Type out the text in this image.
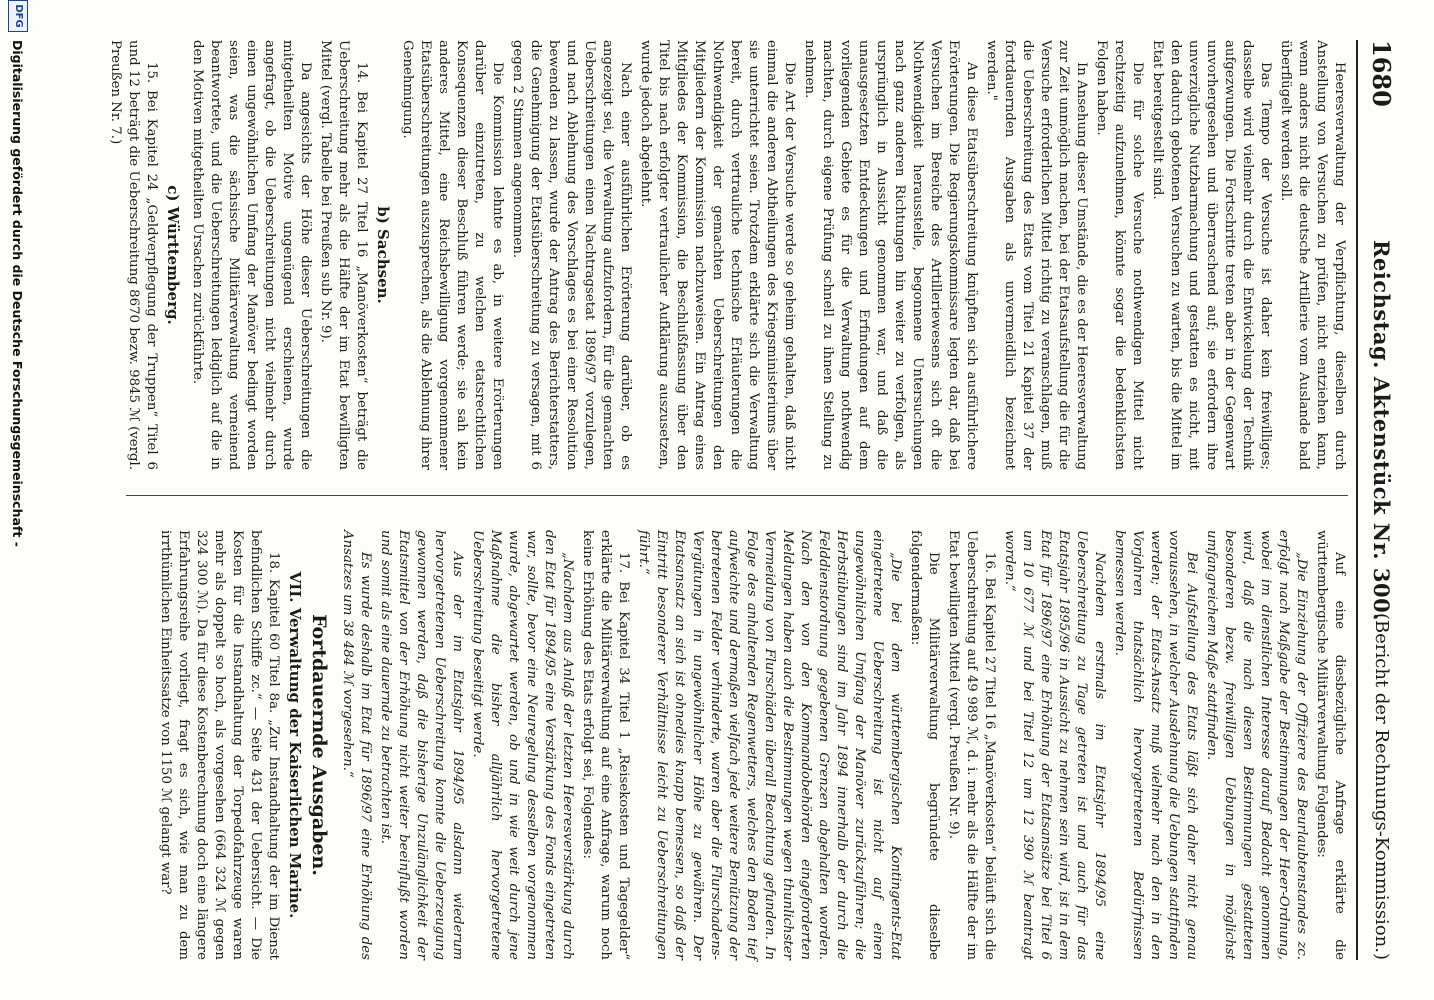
1680
Reichstag. Aktenstück Nr. 300.
(Bericht der Rechnungs-Kommission.)

Heeresverwaltung der Verpflichtung, dieselben durch Anstellung von Versuchen zu prüfen, nicht entziehen kann, wenn anders nicht die deutsche Artillerie vom Auslande bald überflügelt werden soll.

Das Tempo der Versuche ist daher kein freiwilliges; dasselbe wird vielmehr durch die Entwickelung der Technik aufgezwungen. Die Fortschritte treten aber in der Gegenwart unvorhergesehen und überraschend auf; sie erfordern ihre unverzügliche Nutzbarmachung und gestatten es nicht, mit den dadurch gebotenen Versuchen zu warten, bis die Mittel im Etat bereitgestellt sind.

Die für solche Versuche nothwendigen Mittel nicht rechtzeitig aufzunehmen, könnte sogar die bedenklichsten Folgen haben.

In Ansehung dieser Umstände, die es der Heeresverwaltung zur Zeit unmöglich machen, bei der Etatsaufstellung die für die Versuche erforderlichen Mittel richtig zu veranschlagen, muß die Ueberschreitung des Etats vom Titel 21 Kapitel 37 der fortdauernden Ausgaben als unvermeidlich bezeichnet werden."

An diese Etatsüberschreitung knüpften sich ausführlichere Erörterungen. Die Regierungskommissare legten dar, daß bei Versuchen im Bereiche des Artilleriewesens sich oft die Nothwendigkeit herausstelle, begonnene Untersuchungen nach ganz anderen Richtungen hin weiter zu verfolgen, als ursprünglich in Aussicht genommen war, und daß die unausgesetzten Entdeckungen und Erfindungen auf dem vorliegenden Gebiete es für die Verwaltung nothwendig machten, durch eigene Prüfung schnell zu ihnen Stellung zu nehmen.

Die Art der Versuche werde so geheim gehalten, daß nicht einmal die anderen Abtheilungen des Kriegsministeriums über sie unterrichtet seien. Trotzdem erklärte sich die Verwaltung bereit, durch vertrauliche technische Erläuterungen die Nothwendigkeit der gemachten Ueberschreitungen den Mitgliedern der Kommission nachzuweisen. Ein Antrag eines Mitgliedes der Kommission, die Beschlußfassung über den Titel bis nach erfolgter vertraulicher Aufklärung auszusetzen, wurde jedoch abgelehnt.

Nach einer ausführlichen Erörterung darüber, ob es angezeigt sei, die Verwaltung aufzufordern, für die gemachten Ueberschreitungen einen Nachtragsetat 1896/97 vorzulegen, und nach Ablehnung des Vorschlages es bei einer Resolution bewenden zu lassen, wurde der Antrag des Berichterstatters, die Genehmigung der Etatsüberschreitung zu versagen, mit 6 gegen 2 Stimmen angenommen.

Die Kommission lehnte es ab, in weitere Erörterungen darüber einzutreten, zu welchen etatsrechtlichen Konsequenzen dieser Beschluß führen werde; sie sah kein anderes Mittel, eine Reichsbewilligung vorgenommener Etatsüberschreitungen auszusprechen, als die Ablehnung ihrer Genehmigung.

b) Sachsen.

14. Bei Kapitel 27 Titel 16 „Manöverkosten“ beträgt die Ueberschreitung mehr als die Hälfte der im Etat bewilligten Mittel (vergl. Tabelle bei Preußen sub Nr. 9).

Da angesichts der Höhe dieser Ueberschreitungen die mitgetheilten Motive ungenügend erschienen, wurde angefragt, ob die Ueberschreitungen nicht vielmehr durch einen ungewöhnlichen Umfang der Manöver bedingt worden seien, was die sächsische Militärverwaltung verneinend beantwortete, und die Ueberschreitungen lediglich auf die in den Motiven mitgetheilten Ursachen zurückführte.

c) Württemberg.

15. Bei Kapitel 24 „Geldverpflegung der Truppen“ Titel 6 und 12 beträgt die Ueberschreitung 8670 bezw. 9845 ℳ (vergl. Preußen Nr. 7.)

Auf eine diesbezügliche Anfrage erklärte die württembergische Militärverwaltung Folgendes:

„Die Einziehung der Offiziere des Beurlaubtenstandes zc. erfolgt nach Maßgabe der Bestimmungen der Heer-Ordnung, wobei im dienstlichen Interesse darauf Bedacht genommen wird, daß die nach diesen Bestimmungen gestatteten besonderen bezw. freiwilligen Uebungen in möglichst umfangreichem Maße stattfinden.

Bei Aufstellung des Etats läßt sich daher nicht genau voraussehen, in welcher Ausdehnung die Uebungen stattfinden werden; der Etats-Ansatz muß vielmehr nach den in den Vorjahren thatsächlich hervorgetretenen Bedürfnissen bemessen werden.

Nachdem erstmals im Etatsjahr 1894/95 eine Ueberschreitung zu Tage getreten ist und auch für das Etatsjahr 1895/96 in Aussicht zu nehmen sein wird, ist in dem Etat für 1896/97 eine Erhöhung der Etatsansätze bei Titel 6 um 10 677 ℳ und bei Titel 12 um 12 390 ℳ beantragt worden.“

16. Bei Kapitel 27 Titel 16 „Manöverkosten“ beläuft sich die Ueberschreitung auf 49 989 ℳ, d. i. mehr als die Hälfte der im Etat bewilligten Mittel (vergl. Preußen Nr. 9).

Die Militärverwaltung begründete dieselbe folgendermaßen:

„Die bei dem württembergischen Kontingents-Etat eingetretene Ueberschreitung ist nicht auf einen ungewöhnlichen Umfang der Manöver zurückzuführen; die Herbstübungen sind im Jahr 1894 innerhalb der durch die Felddienstordnung gegebenen Grenzen abgehalten worden. Nach den von den Kommandobehörden eingeforderten Meldungen haben auch die Bestimmungen wegen thunlichster Vermeidung von Flurschäden überall Beachtung gefunden. In Folge des anhaltenden Regenwetters, welches den Boden tief aufweichte und dermaßen vielfach jede weitere Benützung der betretenen Felder verhinderte, waren aber die Flurschadens-Vergütungen in ungewöhnlicher Höhe zu gewähren. Der Etatsansatz an sich ist ohnedies knapp bemessen, so daß der Eintritt besonderer Verhältnisse leicht zu Ueberschreitungen führt.“

17. Bei Kapitel 34 Titel 1 „Reisekosten und Tagegelder“ erklärte die Militärverwaltung auf eine Anfrage, warum noch keine Erhöhung des Etats erfolgt sei, Folgendes:

„Nachdem aus Anlaß der letzten Heeresverstärkung durch den Etat für 1894/95 eine Verstärkung des Fonds eingetreten war, sollte, bevor eine Neuregelung desselben vorgenommen wurde, abgewartet werden, ob und in wie weit durch jene Maßnahme die bisher alljährlich hervorgetretene Ueberschreitung beseitigt werde.

Aus der im Etatsjahr 1894/95 alsdann wiederum hervorgetretenen Ueberschreitung konnte die Ueberzeugung gewonnen werden, daß die bisherige Unzulänglichkeit der Etatsmittel von der Erhöhung nicht weiter beeinflußt worden und somit als eine dauernde zu betrachten ist.

Es wurde deshalb im Etat für 1896/97 eine Erhöhung des Ansatzes um 38 484 ℳ vorgesehen.“

Fortdauernde Ausgaben.
VII. Verwaltung der Kaiserlichen Marine.

18. Kapitel 60 Titel 8a. „Zur Instandhaltung der im Dienst befindlichen Schiffe zc.“ — Seite 431 der Uebersicht. — Die Kosten für die Instandhaltung der Torpedofahrzeuge waren mehr als doppelt so hoch, als vorgesehen (664 324 ℳ gegen 324 300 ℳ). Da für diese Kostenberechnung doch eine längere Erfahrungsreihe vorliegt, fragt es sich, wie man zu dem irrthümlichen Einheitssatze von 1150 ℳ gelangt war?

Digitalisierung gefördert durch die Deutsche Forschungsgemeinschaft -
DFG
